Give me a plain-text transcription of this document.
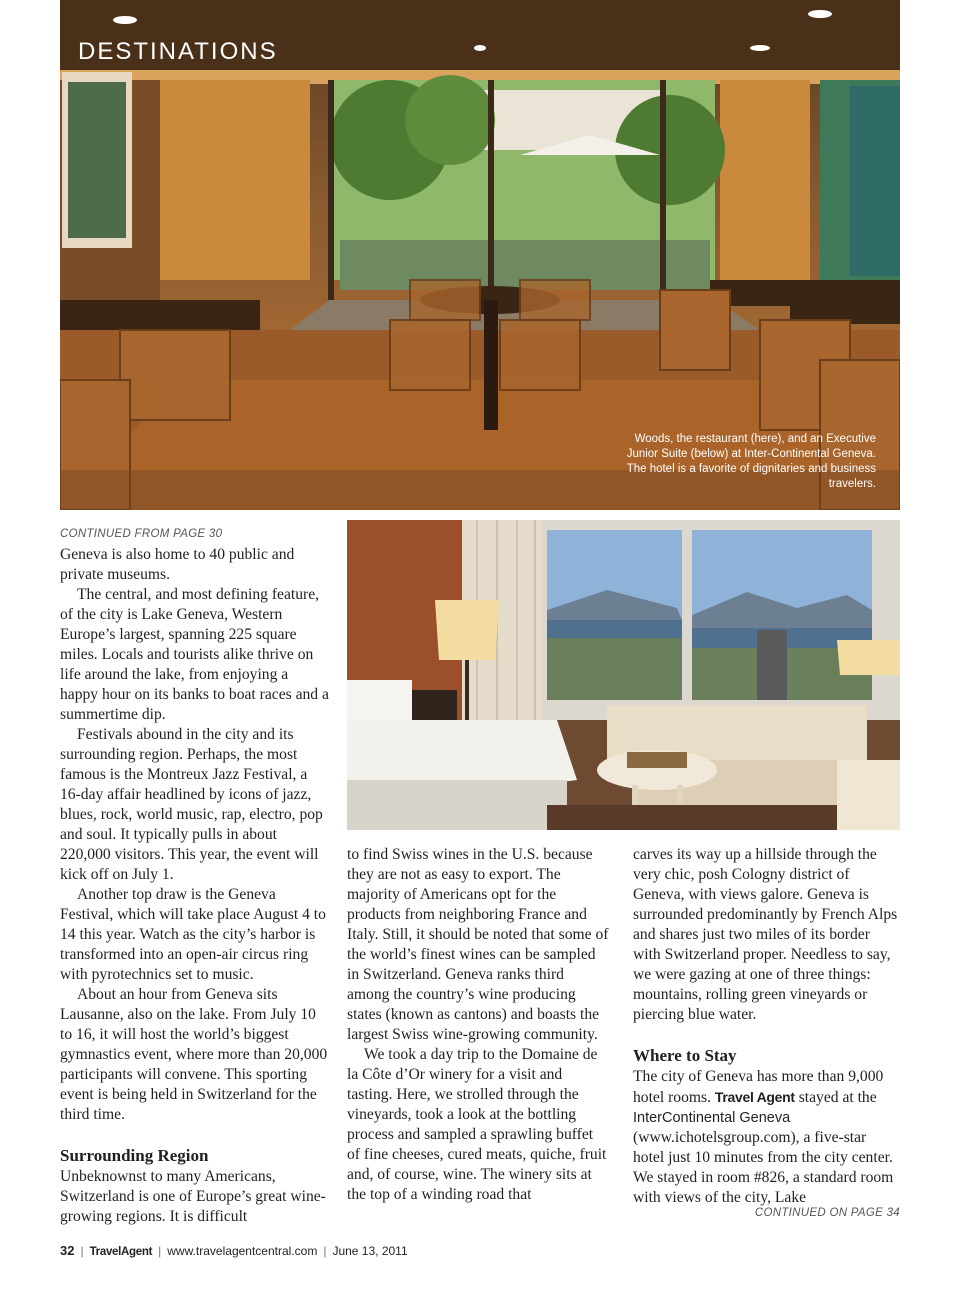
DESTINATIONS
Woods, the restaurant (here), and an Executive Junior Suite (below) at Inter-Continental Geneva. The hotel is a favorite of dignitaries and business travelers.
CONTINUED FROM PAGE 30

Geneva is also home to 40 public and private museums.

The central, and most defining feature, of the city is Lake Geneva, Western Europe’s largest, spanning 225 square miles. Locals and tourists alike thrive on life around the lake, from enjoying a happy hour on its banks to boat races and a summertime dip.

Festivals abound in the city and its surrounding region. Perhaps, the most famous is the Montreux Jazz Festival, a 16-day affair headlined by icons of jazz, blues, rock, world music, rap, electro, pop and soul. It typically pulls in about 220,000 visitors. This year, the event will kick off on July 1.

Another top draw is the Geneva Festival, which will take place August 4 to 14 this year. Watch as the city’s harbor is transformed into an open-air circus ring with pyrotechnics set to music.

About an hour from Geneva sits Lausanne, also on the lake. From July 10 to 16, it will host the world’s biggest gymnastics event, where more than 20,000 participants will convene. This sporting event is being held in Switzerland for the third time.

Surrounding Region

Unbeknownst to many Americans, Switzerland is one of Europe’s great wine-growing regions. It is difficult

to find Swiss wines in the U.S. because they are not as easy to export. The majority of Americans opt for the products from neighboring France and Italy. Still, it should be noted that some of the world’s finest wines can be sampled in Switzerland. Geneva ranks third among the country’s wine producing states (known as cantons) and boasts the largest Swiss wine-growing community.

We took a day trip to the Domaine de la Côte d’Or winery for a visit and tasting. Here, we strolled through the vineyards, took a look at the bottling process and sampled a sprawling buffet of fine cheeses, cured meats, quiche, fruit and, of course, wine. The winery sits at the top of a winding road that

carves its way up a hillside through the very chic, posh Cologny district of Geneva, with views galore. Geneva is surrounded predominantly by French Alps and shares just two miles of its border with Switzerland proper. Needless to say, we were gazing at one of three things: mountains, rolling green vineyards or piercing blue water.

Where to Stay

The city of Geneva has more than 9,000 hotel rooms. Travel Agent stayed at the InterContinental Geneva (www.ichotelsgroup.com), a five-star hotel just 10 minutes from the city center. We stayed in room #826, a standard room with views of the city, Lake

CONTINUED ON PAGE 34
32 | TravelAgent | www.travelagentcentral.com | June 13, 2011
